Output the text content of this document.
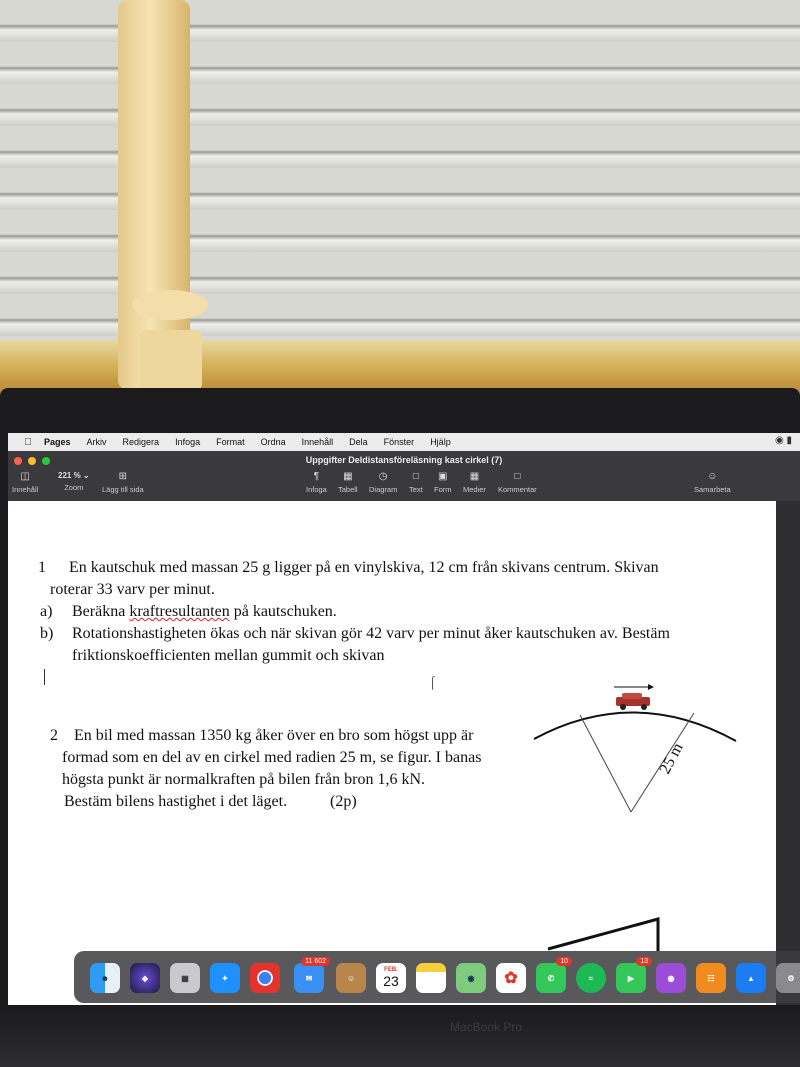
Pages Arkiv Redigera Infoga Format Ordna Innehåll Dela Fönster Hjälp	◉ ▮
Uppgifter Deldistansföreläsning kast cirkel (7)
◫
Innehåll
221 % ⌄
Zoom
⊞
Lägg till sida
¶
Infoga
▦
Tabell
◷
Diagram
□
Text
▣
Form
▦
Medier
□
Kommentar
☺
Samarbeta
1 En kautschuk med massan 25 g ligger på en vinylskiva, 12 cm från skivans centrum. Skivan
roterar 33 varv per minut.
a) Beräkna kraftresultanten på kautschuken.
b) Rotationshastigheten ökas och när skivan gör 42 varv per minut åker kautschuken av. Bestäm
friktionskoefficienten mellan gummit och skivan
⌠
2 En bil med massan 1350 kg åker över en bro som högst upp är
formad som en del av en cirkel med radien 25 m, se figur. I banas
högsta punkt är normalkraften på bilen från bron 1,6 kN.
Bestäm bilens hastighet i det läget.	(2p)
25 m
☻	◈	▦	✦	✉
11 602
☺
FEB.
23	◉	✿	✆
10
≈	▶
13
◉	☷	▲	⚙
MacBook Pro
